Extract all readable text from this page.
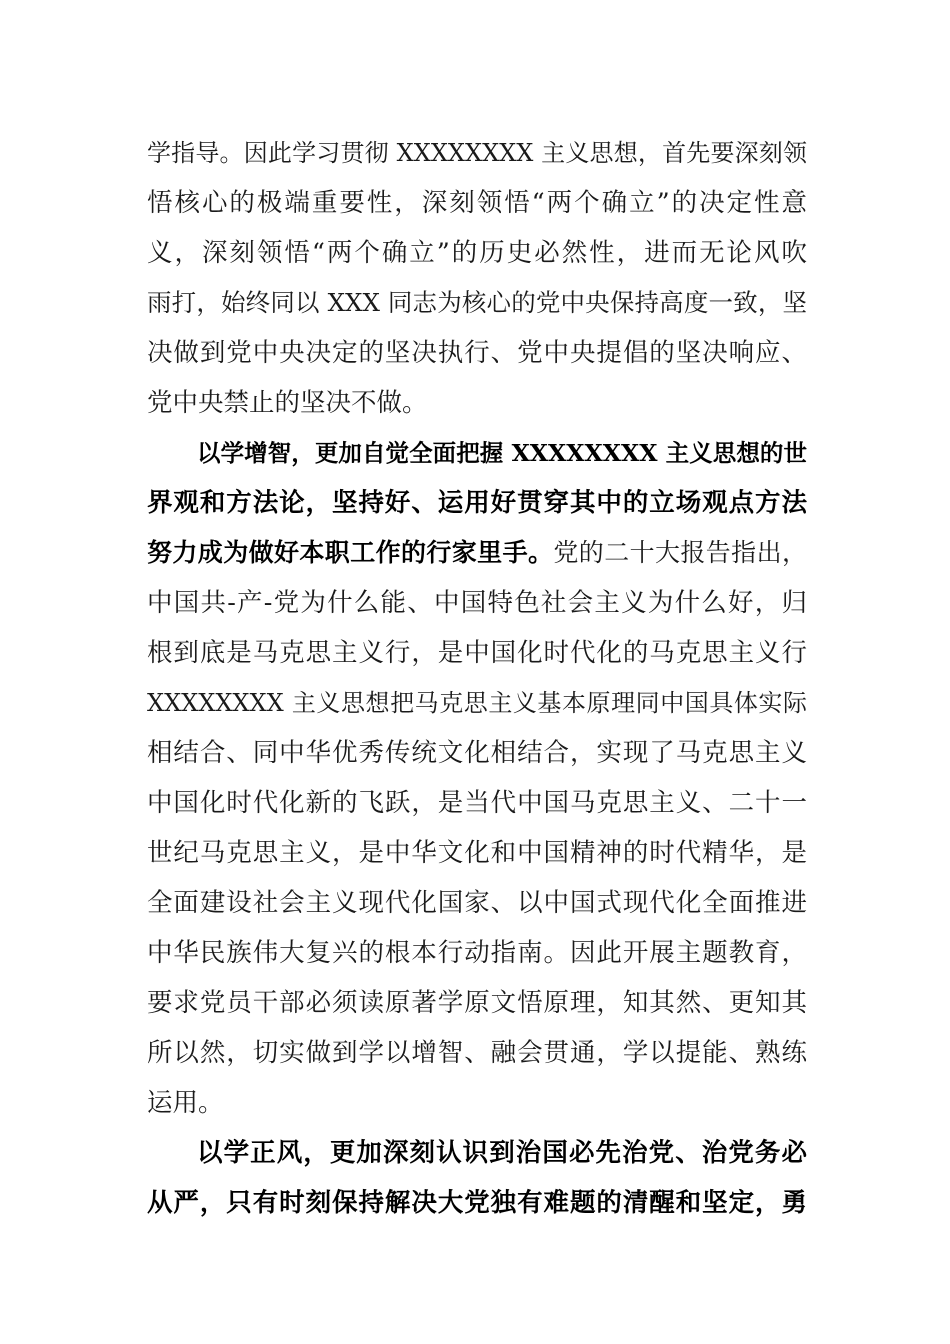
学指导。因此学习贯彻 XXXXXXXX 主义思想，首先要深刻领
悟核心的极端重要性，深刻领悟“两个确立”的决定性意
义，深刻领悟“两个确立”的历史必然性，进而无论风吹
雨打，始终同以 XXX 同志为核心的党中央保持高度一致，坚
决做到党中央决定的坚决执行、党中央提倡的坚决响应、
党中央禁止的坚决不做。
以学增智，更加自觉全面把握 XXXXXXXX 主义思想的世
界观和方法论，坚持好、运用好贯穿其中的立场观点方法
努力成为做好本职工作的行家里手。党的二十大报告指出，
中国共-产-党为什么能、中国特色社会主义为什么好，归
根到底是马克思主义行，是中国化时代化的马克思主义行
XXXXXXXX 主义思想把马克思主义基本原理同中国具体实际
相结合、同中华优秀传统文化相结合，实现了马克思主义
中国化时代化新的飞跃，是当代中国马克思主义、二十一
世纪马克思主义，是中华文化和中国精神的时代精华，是
全面建设社会主义现代化国家、以中国式现代化全面推进
中华民族伟大复兴的根本行动指南。因此开展主题教育，
要求党员干部必须读原著学原文悟原理，知其然、更知其
所以然，切实做到学以增智、融会贯通，学以提能、熟练
运用。
以学正风，更加深刻认识到治国必先治党、治党务必
从严，只有时刻保持解决大党独有难题的清醒和坚定，勇
